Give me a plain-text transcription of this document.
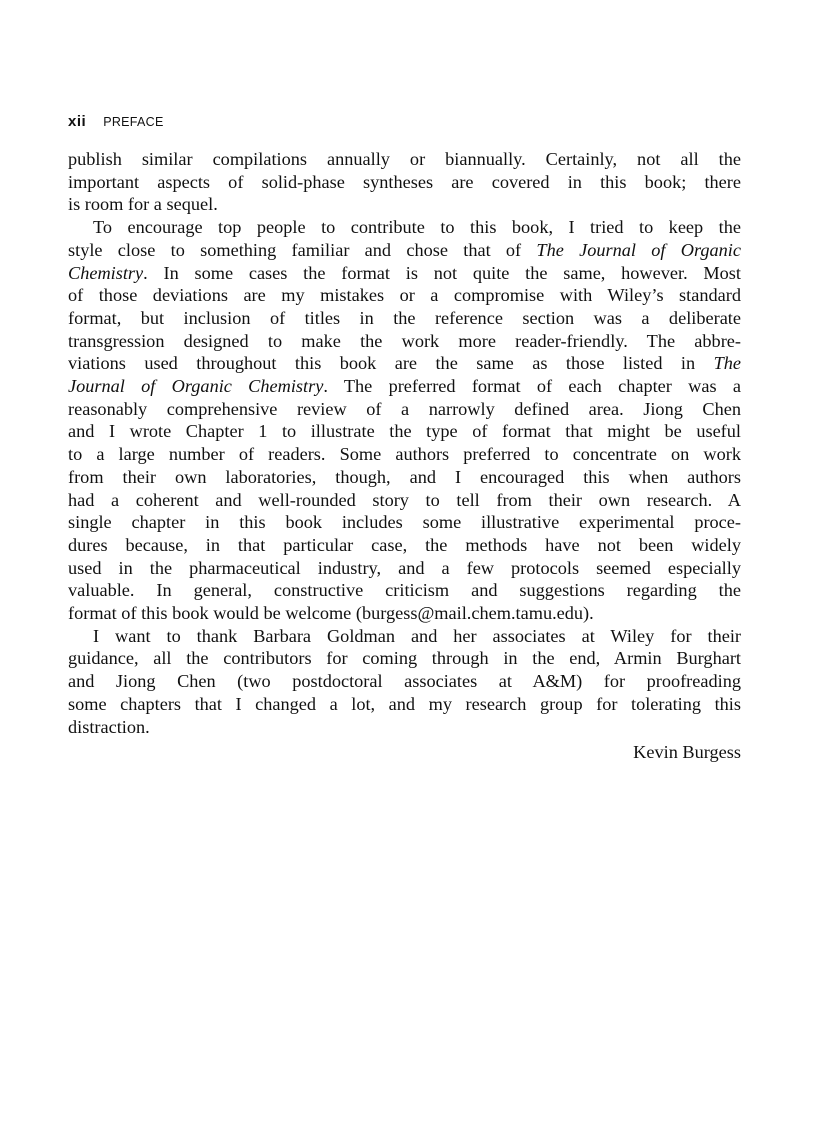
xii PREFACE
publish similar compilations annually or biannually. Certainly, not all the
important aspects of solid-phase syntheses are covered in this book; there
is room for a sequel.
To encourage top people to contribute to this book, I tried to keep the
style close to something familiar and chose that of The Journal of Organic
Chemistry. In some cases the format is not quite the same, however. Most
of those deviations are my mistakes or a compromise with Wiley’s standard
format, but inclusion of titles in the reference section was a deliberate
transgression designed to make the work more reader-friendly. The abbre-
viations used throughout this book are the same as those listed in The
Journal of Organic Chemistry. The preferred format of each chapter was a
reasonably comprehensive review of a narrowly defined area. Jiong Chen
and I wrote Chapter 1 to illustrate the type of format that might be useful
to a large number of readers. Some authors preferred to concentrate on work
from their own laboratories, though, and I encouraged this when authors
had a coherent and well-rounded story to tell from their own research. A
single chapter in this book includes some illustrative experimental proce-
dures because, in that particular case, the methods have not been widely
used in the pharmaceutical industry, and a few protocols seemed especially
valuable. In general, constructive criticism and suggestions regarding the
format of this book would be welcome (burgess@mail.chem.tamu.edu).
I want to thank Barbara Goldman and her associates at Wiley for their
guidance, all the contributors for coming through in the end, Armin Burghart
and Jiong Chen (two postdoctoral associates at A&M) for proofreading
some chapters that I changed a lot, and my research group for tolerating this
distraction.
Kevin Burgess
